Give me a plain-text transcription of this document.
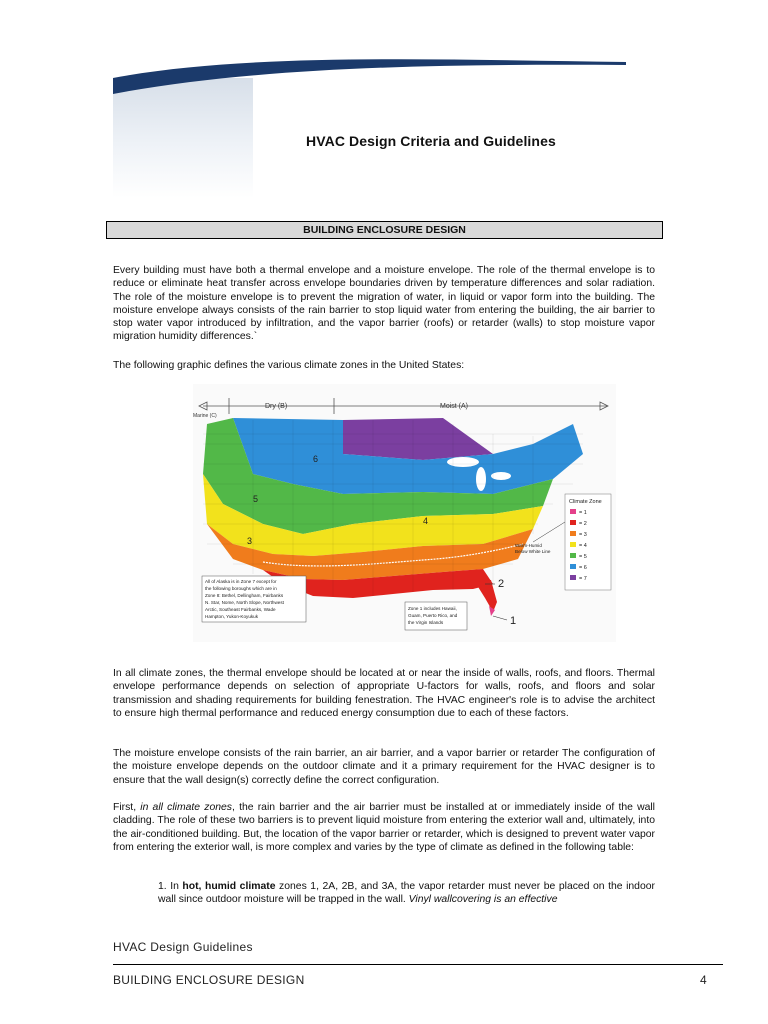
HVAC Design Criteria and Guidelines
BUILDING ENCLOSURE DESIGN

Every building must have both a thermal envelope and a moisture envelope. The role of the thermal envelope is to reduce or eliminate heat transfer across envelope boundaries driven by temperature differences and solar radiation. The role of the moisture envelope is to prevent the migration of water, in liquid or vapor form into the building. The moisture envelope always consists of the rain barrier to stop liquid water from entering the building, the air barrier to stop water vapor introduced by infiltration, and the vapor barrier (roofs) or retarder (walls) to stop moisture vapor migration humidity differences.`

The following graphic defines the various climate zones in the United States:

Dry (B)	Moist (A)
Marine (C)
6
5
3
4
Climate Zone
= 1
= 2
= 3
= 4
= 5
= 6
= 7
Warm-Humid
Below White Line
All of Alaska is in Zone 7 except for
the following boroughs which are in
Zone 8: Bethel, Dellingham, Fairbanks
N. Star, Nome, North Slope, Northwest
Arctic, Southeast Fairbanks, Wade
Hampton, Yukon-Koyukuk
Zone 1 includes Hawaii,
Guam, Puerto Rico, and
the Virgin Islands
2
1

In all climate zones, the thermal envelope should be located at or near the inside of walls, roofs, and floors. Thermal envelope performance depends on selection of appropriate U-factors for walls, roofs, and floors and solar transmission and shading requirements for building fenestration. The HVAC engineer's role is to advise the architect to ensure high thermal performance and reduced energy consumption due to each of these factors.

The moisture envelope consists of the rain barrier, an air barrier, and a vapor barrier or retarder The configuration of the moisture envelope depends on the outdoor climate and it a primary requirement for the HVAC designer is to ensure that the wall design(s) correctly define the correct configuration.

First, in all climate zones, the rain barrier and the air barrier must be installed at or immediately inside of the wall cladding. The role of these two barriers is to prevent liquid moisture from entering the exterior wall and, ultimately, into the air-conditioned building. But, the location of the vapor barrier or retarder, which is designed to prevent water vapor from entering the exterior wall, is more complex and varies by the type of climate as defined in the following table:

1. In hot, humid climate zones 1, 2A, 2B, and 3A, the vapor retarder must never be placed on the indoor wall since outdoor moisture will be trapped in the wall. Vinyl wallcovering is an effective

HVAC Design Guidelines
BUILDING ENCLOSURE DESIGN	4
